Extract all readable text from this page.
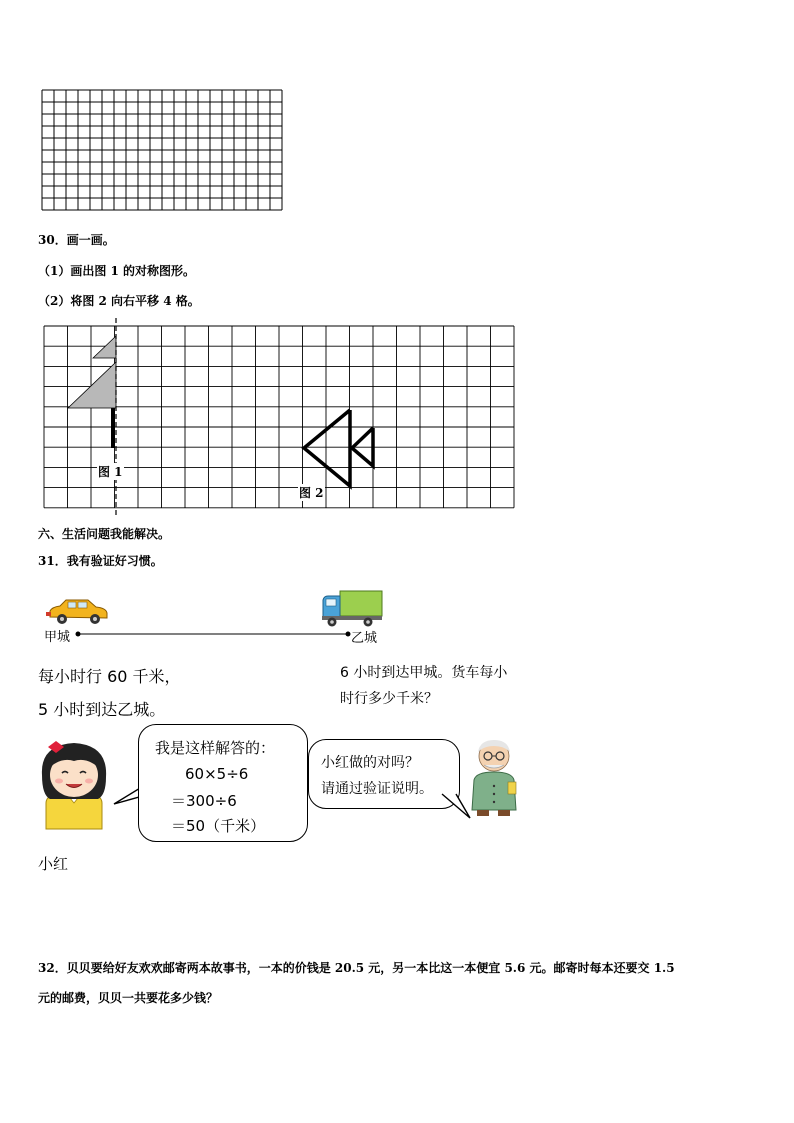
30．画一画。
（1）画出图 1 的对称图形。
（2）将图 2 向右平移 4 格。
图 1
图 2
六、生活问题我能解决。
31．我有验证好习惯。
甲城	乙城
每小时行 60 千米，
5 小时到达乙城。
6 小时到达甲城。货车每小
时行多少千米？
我是这样解答的：
60×5÷6
＝300÷6
＝50（千米）
小红做的对吗？
请通过验证说明。
小红
32．贝贝要给好友欢欢邮寄两本故事书，一本的价钱是 20.5 元，另一本比这一本便宜 5.6 元。邮寄时每本还要交 1.5
元的邮费，贝贝一共要花多少钱？
